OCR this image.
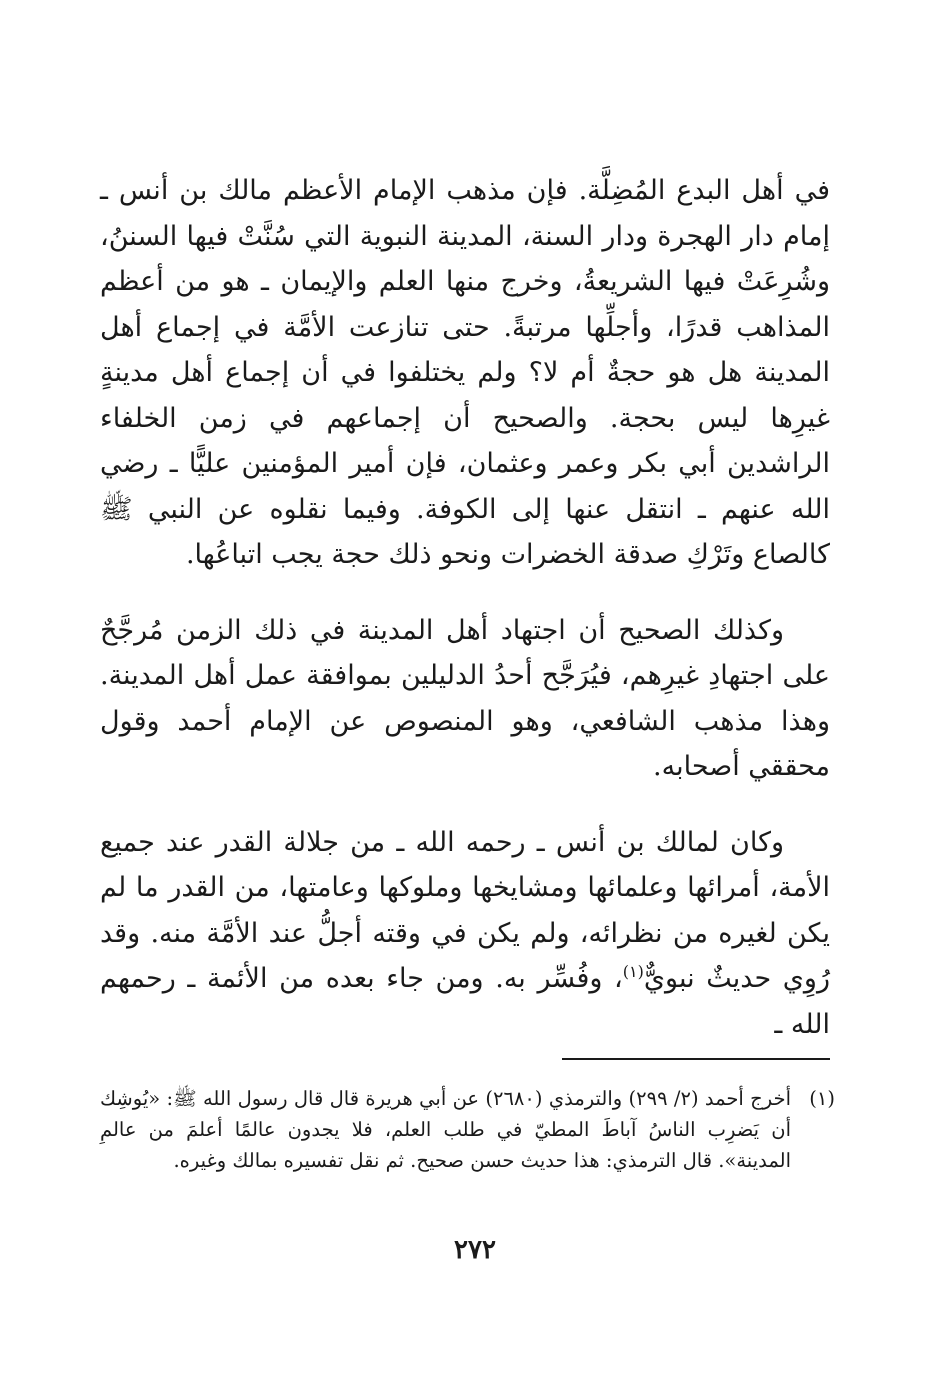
في أهل البدع المُضِلَّة. فإن مذهب الإمام الأعظم مالك بن أنس ـ إمام دار الهجرة ودار السنة، المدينة النبوية التي سُنَّتْ فيها السننُ، وشُرِعَتْ فيها الشريعةُ، وخرج منها العلم والإيمان ـ هو من أعظم المذاهب قدرًا، وأجلِّها مرتبةً. حتى تنازعت الأمَّة في إجماع أهل المدينة هل هو حجةٌ أم لا؟ ولم يختلفوا في أن إجماع أهل مدينةٍ غيرِها ليس بحجة. والصحيح أن إجماعهم في زمن الخلفاء الراشدين أبي بكر وعمر وعثمان، فإن أمير المؤمنين عليًّا ـ رضي الله عنهم ـ انتقل عنها إلى الكوفة. وفيما نقلوه عن النبي ﷺ كالصاع وتَرْكِ صدقة الخضرات ونحو ذلك حجة يجب اتباعُها.

وكذلك الصحيح أن اجتهاد أهل المدينة في ذلك الزمن مُرجَّحٌ على اجتهادِ غيرِهم، فيُرَجَّح أحدُ الدليلين بموافقة عمل أهل المدينة. وهذا مذهب الشافعي، وهو المنصوص عن الإمام أحمد وقول محققي أصحابه.

وكان لمالك بن أنس ـ رحمه الله ـ من جلالة القدر عند جميع الأمة، أمرائها وعلمائها ومشايخها وملوكها وعامتها، من القدر ما لم يكن لغيره من نظرائه، ولم يكن في وقته أجلُّ عند الأمَّة منه. وقد رُوِي حديثٌ نبويٌّ$^{(١)}$، وفُسِّر به. ومن جاء بعده من الأئمة ـ رحمهم الله ـ

(١)
أخرج أحمد (٢/ ٢٩٩) والترمذي (٢٦٨٠) عن أبي هريرة قال قال رسول الله ﷺ: «يُوشِك أن يَضرِب الناسُ آباطَ المطيّ في طلب العلم، فلا يجدون عالمًا أعلمَ من عالمِ المدينة». قال الترمذي: هذا حديث حسن صحيح. ثم نقل تفسيره بمالك وغيره.
٢٧٢
